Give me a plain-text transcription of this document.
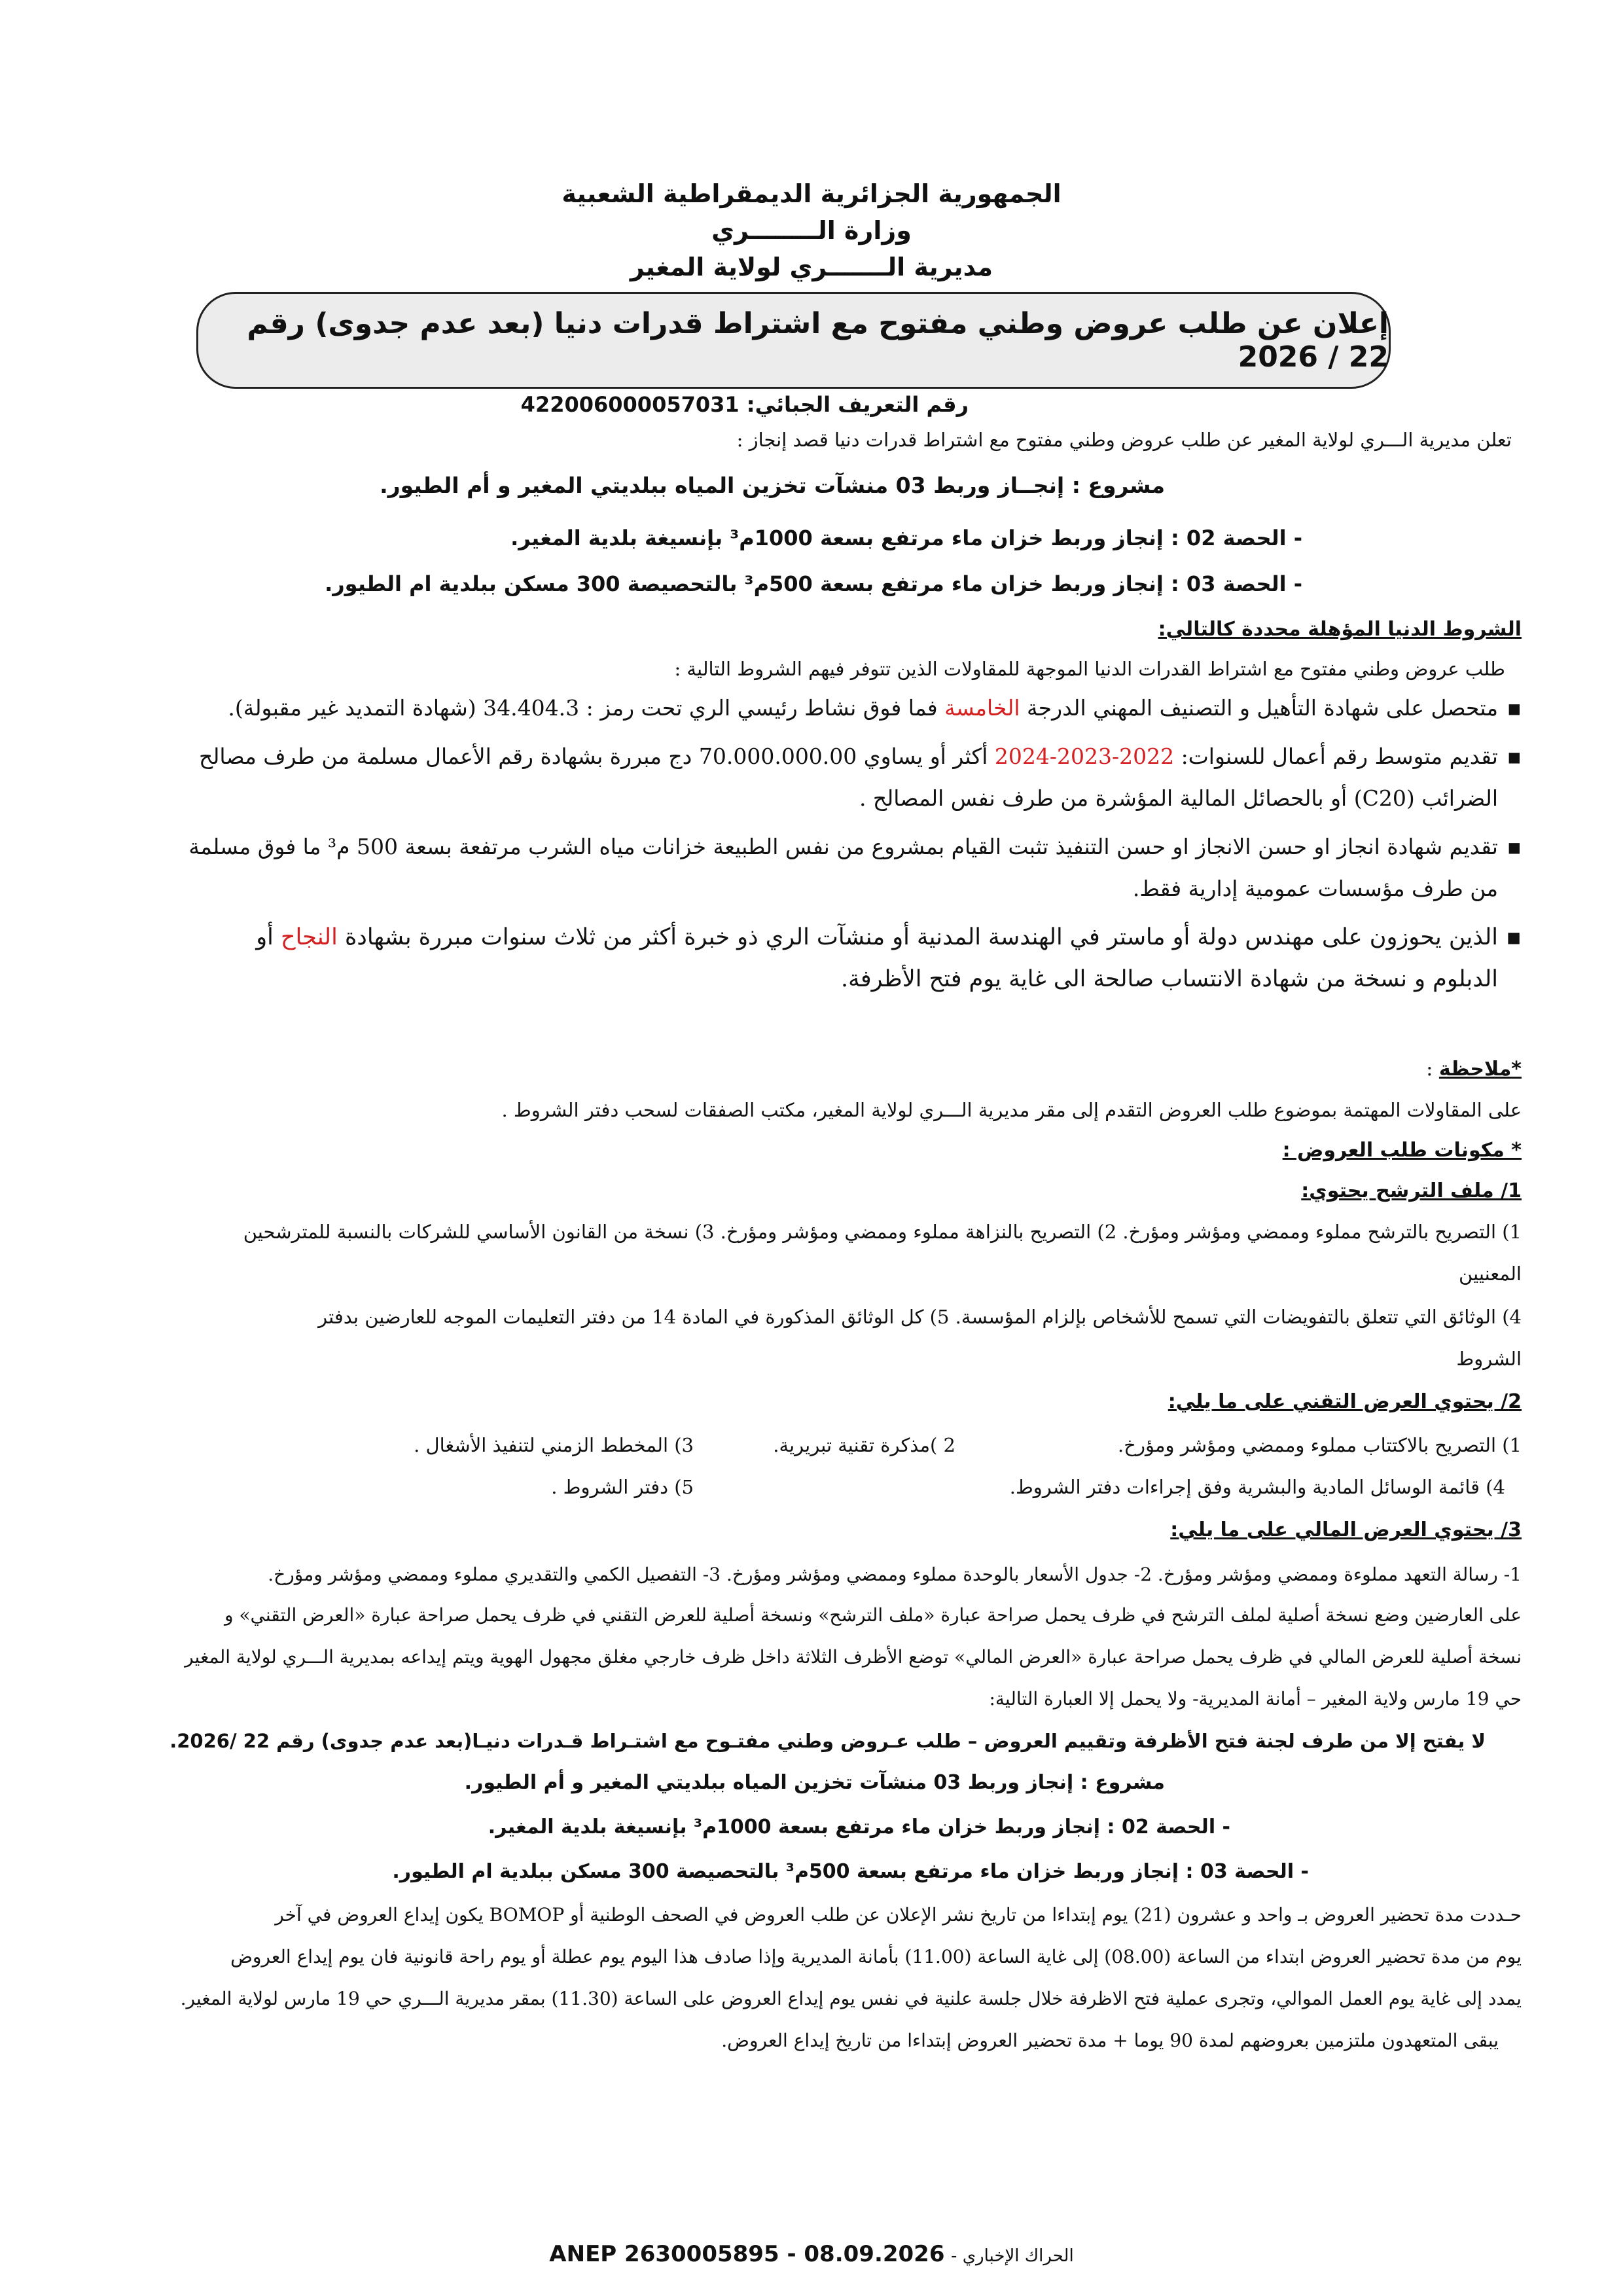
الجمهورية الجزائرية الديمقراطية الشعبية
وزارة الــــــــري
مديرية الـــــــري لولاية المغير
إعلان عن طلب عروض وطني مفتوح مع اشتراط قدرات دنيا (بعد عدم جدوى) رقم 22 / 2026
رقم التعريف الجبائي: 422006000057031
تعلن مديرية الـــري لولاية المغير عن طلب عروض وطني مفتوح مع اشتراط قدرات دنيا قصد إنجاز :
مشروع : إنجــاز وربط 03 منشآت تخزين المياه ببلديتي المغير و أم الطيور.
- الحصة 02 : إنجاز وربط خزان ماء مرتفع بسعة 1000م³ بإنسيغة بلدية المغير.
- الحصة 03 : إنجاز وربط خزان ماء مرتفع بسعة 500م³ بالتحصيصة 300 مسكن ببلدية ام الطيور.
الشروط الدنيا المؤهلة محددة كالتالي:
طلب عروض وطني مفتوح مع اشتراط القدرات الدنيا الموجهة للمقاولات الذين تتوفر فيهم الشروط التالية :
▪
متحصل على شهادة التأهيل و التصنيف المهني الدرجة الخامسة فما فوق نشاط رئيسي الري تحت رمز : 34.404.3 (شهادة التمديد غير مقبولة).
▪
تقديم متوسط رقم أعمال للسنوات: 2022-2023-2024 أكثر أو يساوي 70.000.000.00 دج مبررة بشهادة رقم الأعمال مسلمة من طرف مصالح
الضرائب (C20) أو بالحصائل المالية المؤشرة من طرف نفس المصالح .
▪
تقديم شهادة انجاز او حسن الانجاز او حسن التنفيذ تثبت القيام بمشروع من نفس الطبيعة خزانات مياه الشرب مرتفعة بسعة 500 م³ ما فوق مسلمة
من طرف مؤسسات عمومية إدارية فقط.
▪
الذين يحوزون على مهندس دولة أو ماستر في الهندسة المدنية أو منشآت الري ذو خبرة أكثر من ثلاث سنوات مبررة بشهادة النجاح أو
الدبلوم و نسخة من شهادة الانتساب صالحة الى غاية يوم فتح الأظرفة.
*ملاحظة :
على المقاولات المهتمة بموضوع طلب العروض التقدم إلى مقر مديرية الـــري لولاية المغير، مكتب الصفقات لسحب دفتر الشروط .
* مكونات طلب العروض :
1/ ملف الترشح يحتوي:
1) التصريح بالترشح مملوء وممضي ومؤشر ومؤرخ. 2) التصريح بالنزاهة مملوء وممضي ومؤشر ومؤرخ. 3) نسخة من القانون الأساسي للشركات بالنسبة للمترشحين
المعنيين
4) الوثائق التي تتعلق بالتفويضات التي تسمح للأشخاص بإلزام المؤسسة. 5) كل الوثائق المذكورة في المادة 14 من دفتر التعليمات الموجه للعارضين بدفتر
الشروط
2/ يحتوي العرض التقني على ما يلي:
1) التصريح بالاكتتاب مملوء وممضي ومؤشر ومؤرخ.
2 )مذكرة تقنية تبريرية.
3) المخطط الزمني لتنفيذ الأشغال .
4) قائمة الوسائل المادية والبشرية وفق إجراءات دفتر الشروط.
5) دفتر الشروط .
3/ يحتوي العرض المالي على ما يلي:
1- رسالة التعهد مملوءة وممضي ومؤشر ومؤرخ. 2- جدول الأسعار بالوحدة مملوء وممضي ومؤشر ومؤرخ. 3- التفصيل الكمي والتقديري مملوء وممضي ومؤشر ومؤرخ.
على العارضين وضع نسخة أصلية لملف الترشح في ظرف يحمل صراحة عبارة «ملف الترشح» ونسخة أصلية للعرض التقني في ظرف يحمل صراحة عبارة «العرض التقني» و
نسخة أصلية للعرض المالي في ظرف يحمل صراحة عبارة «العرض المالي» توضع الأظرف الثلاثة داخل ظرف خارجي مغلق مجهول الهوية ويتم إيداعه بمديرية الـــري لولاية المغير
حي 19 مارس ولاية المغير – أمانة المديرية- ولا يحمل إلا العبارة التالية:
لا يفتح إلا من طرف لجنة فتح الأظرفة وتقييم العروض – طلب عـروض وطني مفتـوح مع اشتـراط قـدرات دنيـا(بعد عدم جدوى) رقم 22 /2026.
مشروع : إنجاز وربط 03 منشآت تخزين المياه ببلديتي المغير و أم الطيور.
- الحصة 02 : إنجاز وربط خزان ماء مرتفع بسعة 1000م³ بإنسيغة بلدية المغير.
- الحصة 03 : إنجاز وربط خزان ماء مرتفع بسعة 500م³ بالتحصيصة 300 مسكن ببلدية ام الطيور.
حـددت مدة تحضير العروض بـ واحد و عشرون (21) يوم إبتداءا من تاريخ نشر الإعلان عن طلب العروض في الصحف الوطنية أو BOMOP يكون إيداع العروض في آخر
يوم من مدة تحضير العروض ابتداء من الساعة (08.00) إلى غاية الساعة (11.00) بأمانة المديرية وإذا صادف هذا اليوم يوم عطلة أو يوم راحة قانونية فان يوم إيداع العروض
يمدد إلى غاية يوم العمل الموالي، وتجرى عملية فتح الاظرفة خلال جلسة علنية في نفس يوم إيداع العروض على الساعة (11.30) بمقر مديرية الـــري حي 19 مارس لولاية المغير.
يبقى المتعهدون ملتزمين بعروضهم لمدة 90 يوما + مدة تحضير العروض إبتداءا من تاريخ إيداع العروض.
ANEP 2630005895 - 08.09.2026 الحراك الإخباري -
